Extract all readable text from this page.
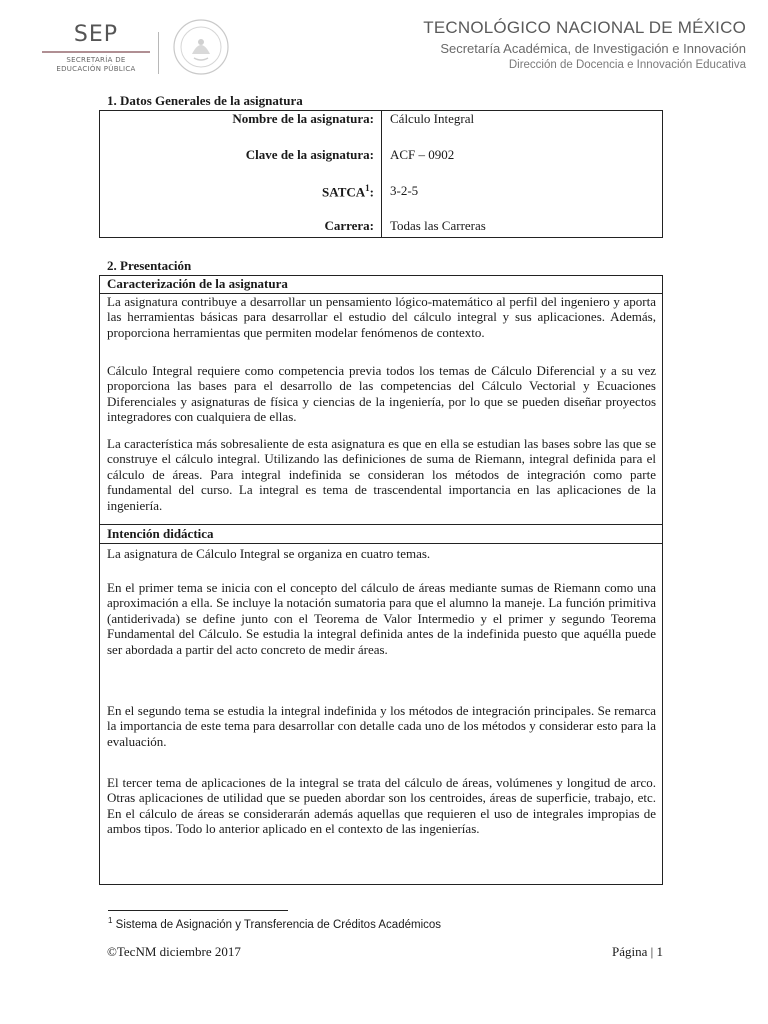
SEP
SECRETARÍA DE
EDUCACIÓN PÚBLICA
TECNOLÓGICO NACIONAL DE MÉXICO
Secretaría Académica, de Investigación e Innovación
Dirección de Docencia e Innovación Educativa
1. Datos Generales de la asignatura
Nombre de la asignatura: Cálculo Integral
Clave de la asignatura: ACF – 0902
SATCA$^1$: 3-2-5
Carrera: Todas las Carreras
2. Presentación
Caracterización de la asignatura

La asignatura contribuye a desarrollar un pensamiento lógico-matemático al perfil del ingeniero y aporta las herramientas básicas para desarrollar el estudio del cálculo integral y sus aplicaciones. Además, proporciona herramientas que permiten modelar fenómenos de contexto.

Cálculo Integral requiere como competencia previa todos los temas de Cálculo Diferencial y a su vez proporciona las bases para el desarrollo de las competencias del Cálculo Vectorial y Ecuaciones Diferenciales y asignaturas de física y ciencias de la ingeniería, por lo que se pueden diseñar proyectos integradores con cualquiera de ellas.

La característica más sobresaliente de esta asignatura es que en ella se estudian las bases sobre las que se construye el cálculo integral. Utilizando las definiciones de suma de Riemann, integral definida para el cálculo de áreas. Para integral indefinida se consideran los métodos de integración como parte fundamental del curso. La integral es tema de trascendental importancia en las aplicaciones de la ingeniería.

Intención didáctica

La asignatura de Cálculo Integral se organiza en cuatro temas.

En el primer tema se inicia con el concepto del cálculo de áreas mediante sumas de Riemann como una aproximación a ella. Se incluye la notación sumatoria para que el alumno la maneje. La función primitiva (antiderivada) se define junto con el Teorema de Valor Intermedio y el primer y segundo Teorema Fundamental del Cálculo. Se estudia la integral definida antes de la indefinida puesto que aquélla puede ser abordada a partir del acto concreto de medir áreas.

En el segundo tema se estudia la integral indefinida y los métodos de integración principales. Se remarca la importancia de este tema para desarrollar con detalle cada uno de los métodos y considerar esto para la evaluación.

El tercer tema de aplicaciones de la integral se trata del cálculo de áreas, volúmenes y longitud de arco. Otras aplicaciones de utilidad que se pueden abordar son los centroides, áreas de superficie, trabajo, etc. En el cálculo de áreas se considerarán además aquellas que requieren el uso de integrales impropias de ambos tipos. Todo lo anterior aplicado en el contexto de las ingenierías.

$^1$ Sistema de Asignación y Transferencia de Créditos Académicos
©TecNM diciembre 2017	Página | 1
